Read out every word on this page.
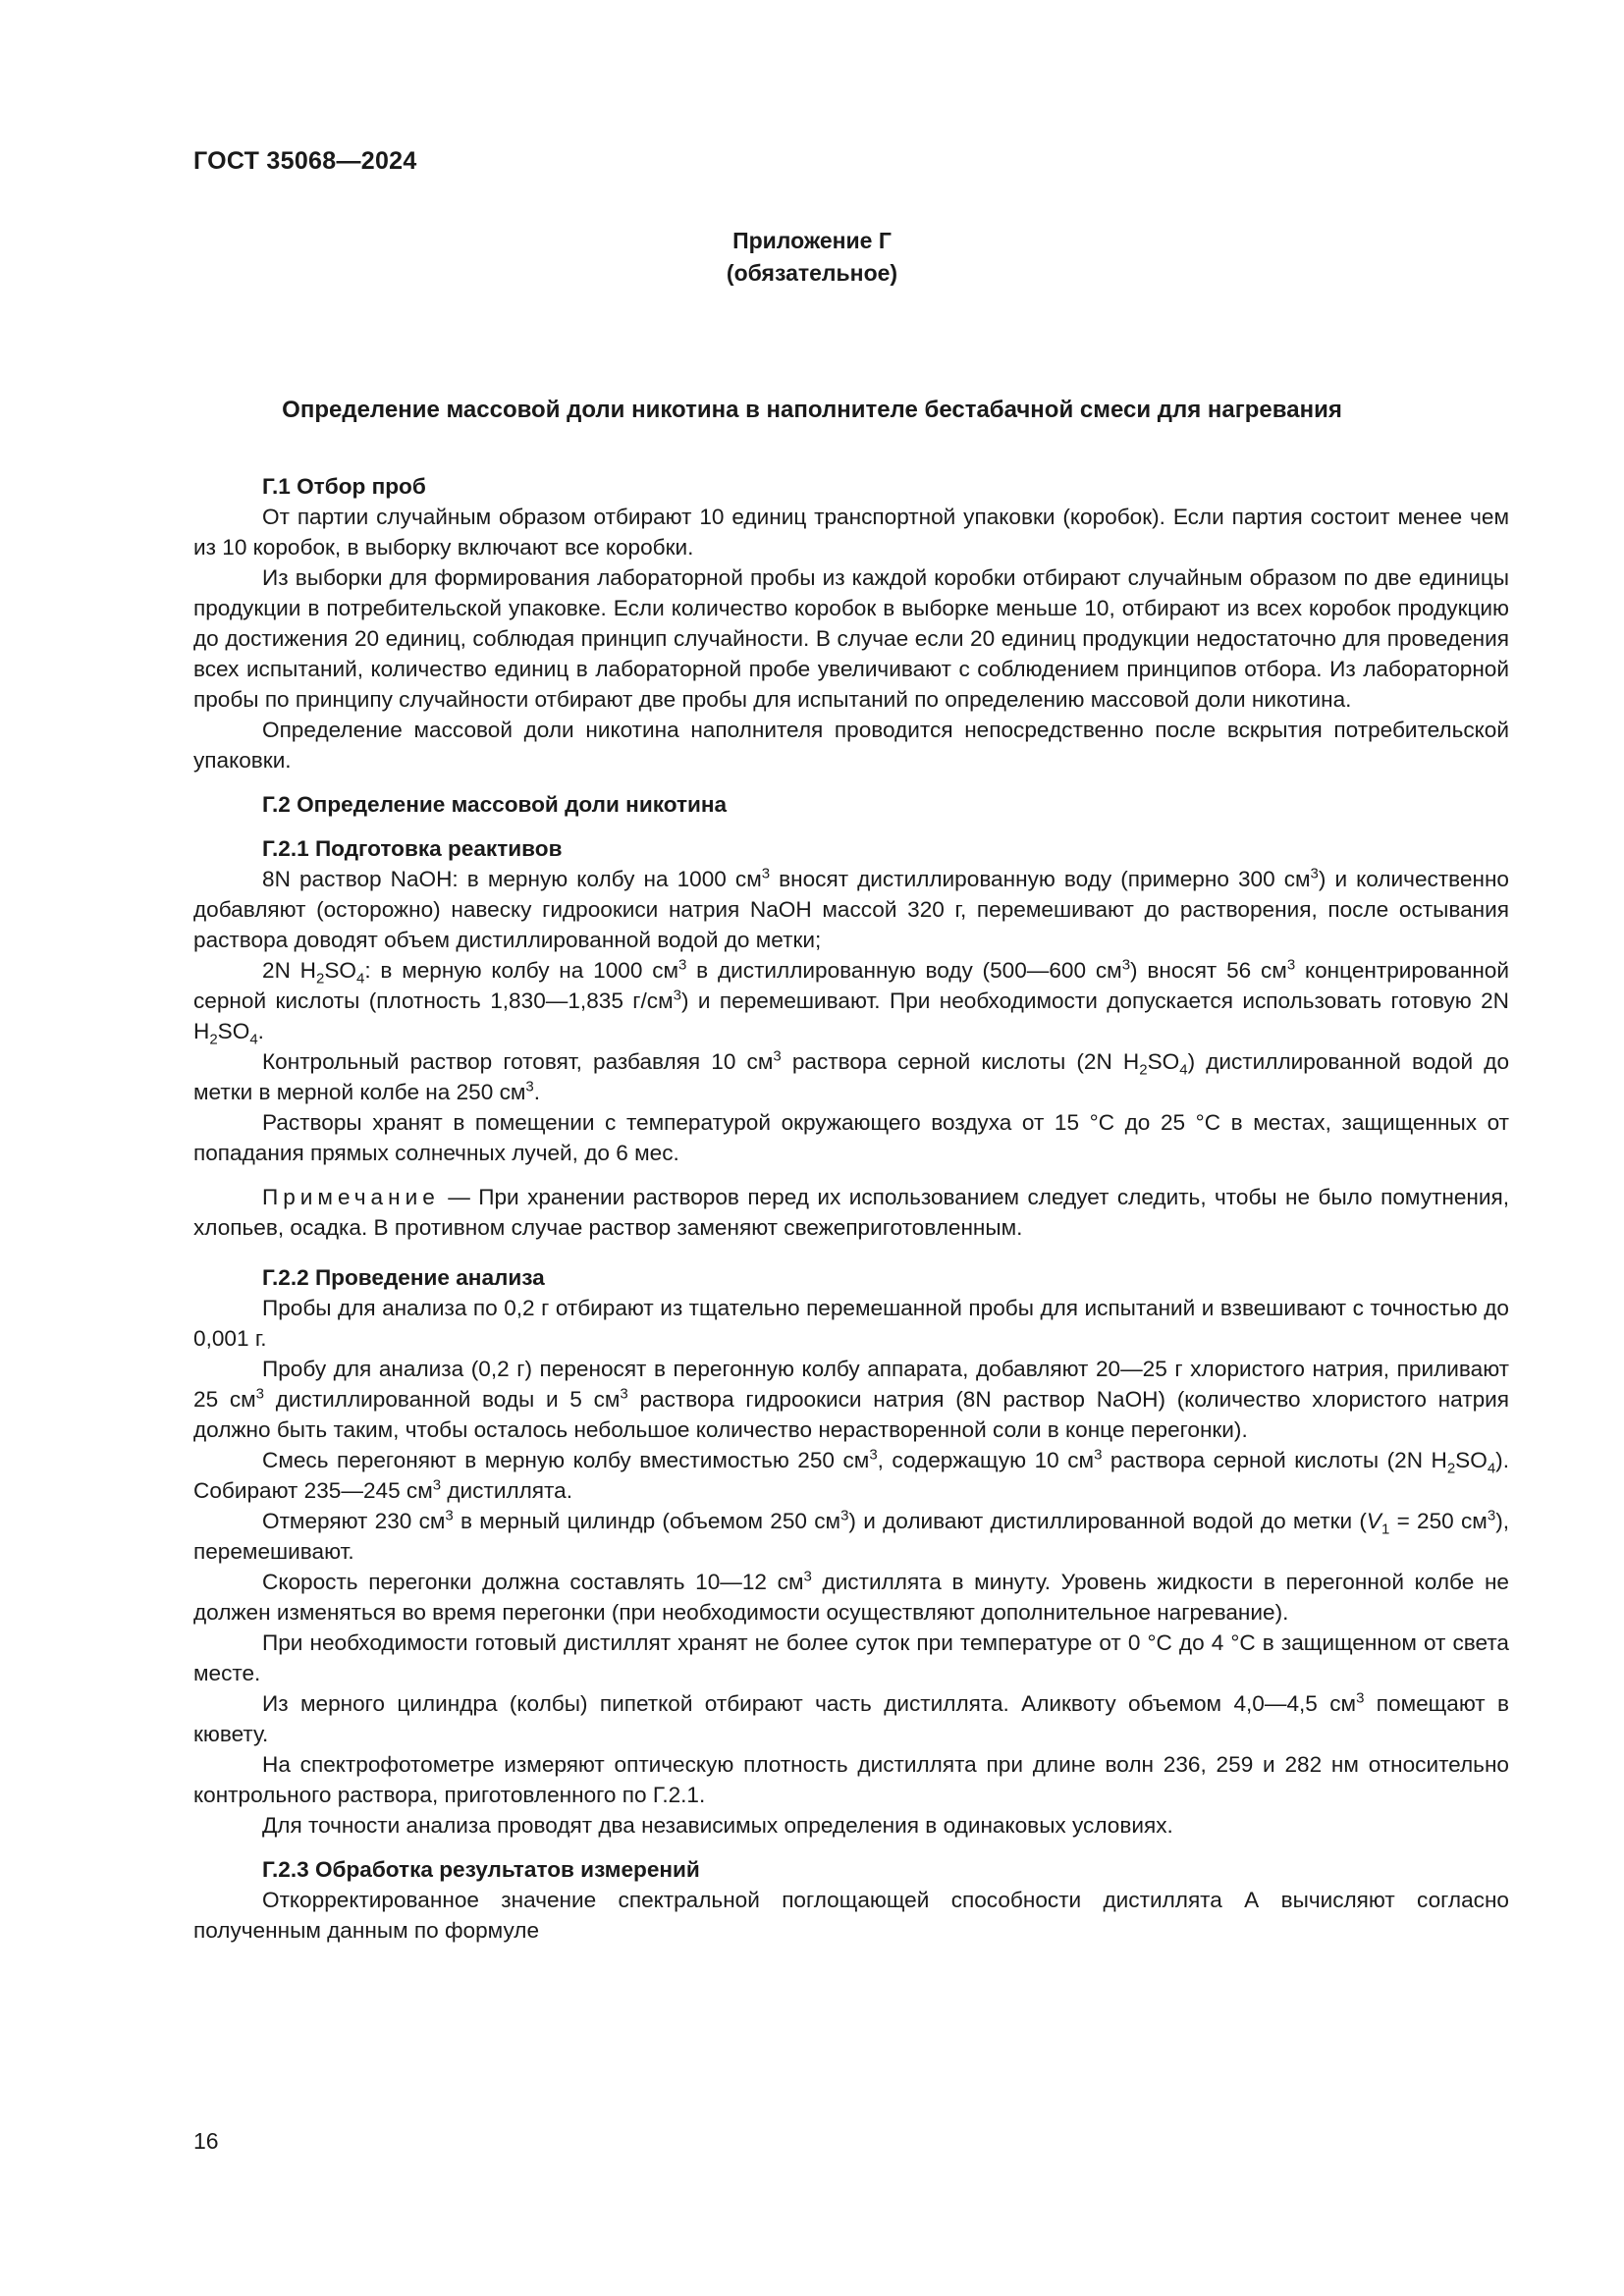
ГОСТ 35068—2024
Приложение Г
(обязательное)
Определение массовой доли никотина в наполнителе бестабачной смеси для нагревания
Г.1 Отбор проб

От партии случайным образом отбирают 10 единиц транспортной упаковки (коробок). Если партия состоит менее чем из 10 коробок, в выборку включают все коробки.

Из выборки для формирования лабораторной пробы из каждой коробки отбирают случайным образом по две единицы продукции в потребительской упаковке. Если количество коробок в выборке меньше 10, отбирают из всех коробок продукцию до достижения 20 единиц, соблюдая принцип случайности. В случае если 20 единиц продукции недостаточно для проведения всех испытаний, количество единиц в лабораторной пробе увеличивают с соблюдением принципов отбора. Из лабораторной пробы по принципу случайности отбирают две пробы для испытаний по определению массовой доли никотина.

Определение массовой доли никотина наполнителя проводится непосредственно после вскрытия потребительской упаковки.

Г.2 Определение массовой доли никотина
Г.2.1 Подготовка реактивов

8N раствор NaOH: в мерную колбу на 1000 $см^3$ вносят дистиллированную воду (примерно 300 $см^3$) и количественно добавляют (осторожно) навеску гидроокиси натрия NaOH массой 320 г, перемешивают до растворения, после остывания раствора доводят объем дистиллированной водой до метки;

2N $H_2SO_4$: в мерную колбу на 1000 $см^3$ в дистиллированную воду (500—600 $см^3$) вносят 56 $см^3$ концентрированной серной кислоты (плотность 1,830—1,835 $г/см^3$) и перемешивают. При необходимости допускается использовать готовую 2N $H_2SO_4$.

Контрольный раствор готовят, разбавляя 10 $см^3$ раствора серной кислоты (2N $H_2SO_4$) дистиллированной водой до метки в мерной колбе на 250 $см^3$.

Растворы хранят в помещении с температурой окружающего воздуха от 15 °С до 25 °С в местах, защищенных от попадания прямых солнечных лучей, до 6 мес.

Примечание — При хранении растворов перед их использованием следует следить, чтобы не было помутнения, хлопьев, осадка. В противном случае раствор заменяют свежеприготовленным.

Г.2.2 Проведение анализа

Пробы для анализа по 0,2 г отбирают из тщательно перемешанной пробы для испытаний и взвешивают с точностью до 0,001 г.

Пробу для анализа (0,2 г) переносят в перегонную колбу аппарата, добавляют 20—25 г хлористого натрия, приливают 25 $см^3$ дистиллированной воды и 5 $см^3$ раствора гидроокиси натрия (8N раствор NaOH) (количество хлористого натрия должно быть таким, чтобы осталось небольшое количество нерастворенной соли в конце перегонки).

Смесь перегоняют в мерную колбу вместимостью 250 $см^3$, содержащую 10 $см^3$ раствора серной кислоты (2N $H_2SO_4$). Собирают 235—245 $см^3$ дистиллята.

Отмеряют 230 $см^3$ в мерный цилиндр (объемом 250 $см^3$) и доливают дистиллированной водой до метки ($V_1 = 250$ $см^3$), перемешивают.

Скорость перегонки должна составлять 10—12 $см^3$ дистиллята в минуту. Уровень жидкости в перегонной колбе не должен изменяться во время перегонки (при необходимости осуществляют дополнительное нагревание).

При необходимости готовый дистиллят хранят не более суток при температуре от 0 °С до 4 °С в защищенном от света месте.

Из мерного цилиндра (колбы) пипеткой отбирают часть дистиллята. Аликвоту объемом 4,0—4,5 $см^3$ помещают в кювету.

На спектрофотометре измеряют оптическую плотность дистиллята при длине волн 236, 259 и 282 нм относительно контрольного раствора, приготовленного по Г.2.1.

Для точности анализа проводят два независимых определения в одинаковых условиях.

Г.2.3 Обработка результатов измерений

Откорректированное значение спектральной поглощающей способности дистиллята А вычисляют согласно полученным данным по формуле

16
